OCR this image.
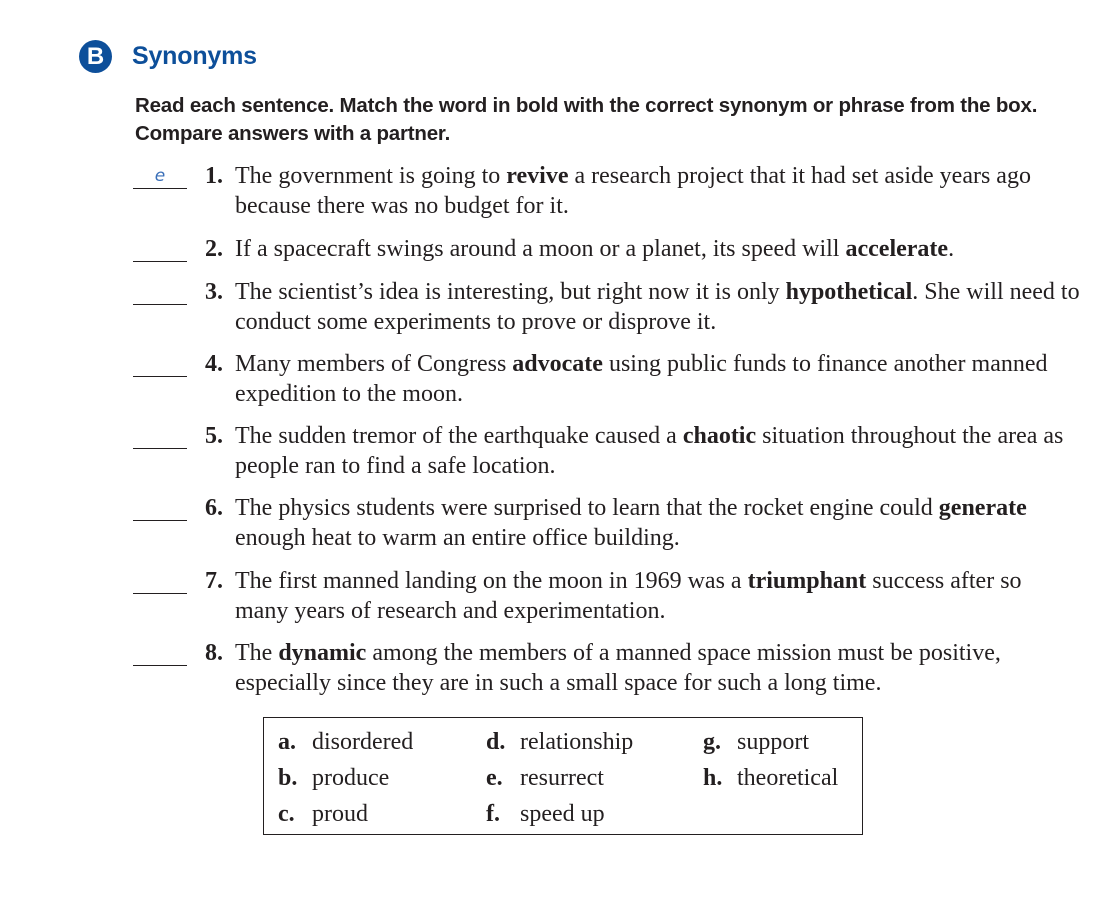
B	Synonyms
Read each sentence. Match the word in bold with the correct synonym or phrase from the box. Compare answers with a partner.
$^e$	1. The government is going to revive a research project that it had set aside years ago because there was no budget for it.
2. If a spacecraft swings around a moon or a planet, its speed will accelerate.
3. The scientist’s idea is interesting, but right now it is only hypothetical. She will need to conduct some experiments to prove or disprove it.
4. Many members of Congress advocate using public funds to finance another manned expedition to the moon.
5. The sudden tremor of the earthquake caused a chaotic situation throughout the area as people ran to find a safe location.
6. The physics students were surprised to learn that the rocket engine could generate enough heat to warm an entire office building.
7. The first manned landing on the moon in 1969 was a triumphant success after so many years of research and experimentation.
8. The dynamic among the members of a manned space mission must be positive, especially since they are in such a small space for such a long time.
a. disordered
b. produce
c. proud
d. relationship
e. resurrect
f. speed up
g. support
h. theoretical
